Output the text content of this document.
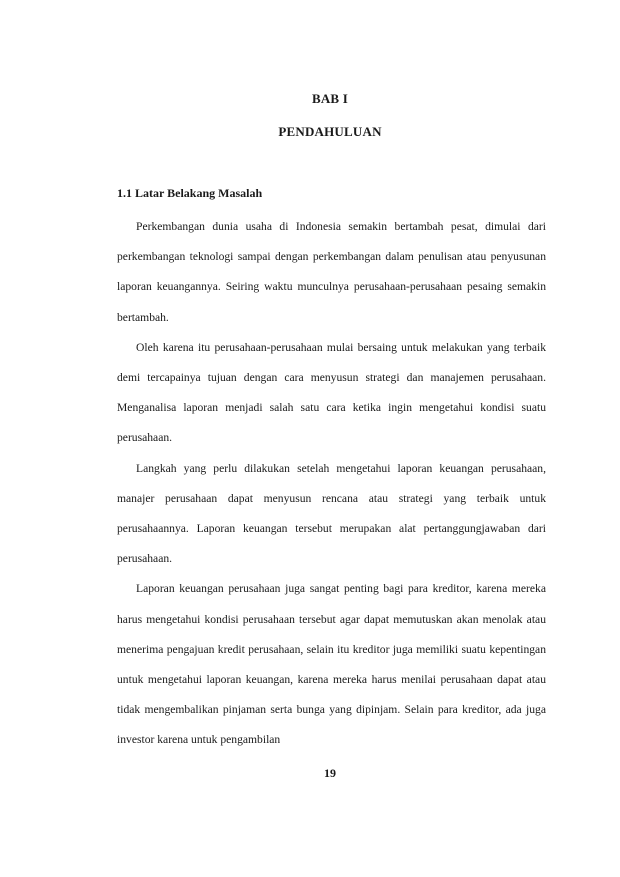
BAB I
PENDAHULUAN
1.1 Latar Belakang Masalah

Perkembangan dunia usaha di Indonesia semakin bertambah pesat, dimulai dari perkembangan teknologi sampai dengan perkembangan dalam penulisan atau penyusunan laporan keuangannya. Seiring waktu munculnya perusahaan-perusahaan pesaing semakin bertambah.

Oleh karena itu perusahaan-perusahaan mulai bersaing untuk melakukan yang terbaik demi tercapainya tujuan dengan cara menyusun strategi dan manajemen perusahaan. Menganalisa laporan menjadi salah satu cara ketika ingin mengetahui kondisi suatu perusahaan.

Langkah yang perlu dilakukan setelah mengetahui laporan keuangan perusahaan, manajer perusahaan dapat menyusun rencana atau strategi yang terbaik untuk perusahaannya. Laporan keuangan tersebut merupakan alat pertanggungjawaban dari perusahaan.

Laporan keuangan perusahaan juga sangat penting bagi para kreditor, karena mereka harus mengetahui kondisi perusahaan tersebut agar dapat memutuskan akan menolak atau menerima pengajuan kredit perusahaan, selain itu kreditor juga memiliki suatu kepentingan untuk mengetahui laporan keuangan, karena mereka harus menilai perusahaan dapat atau tidak mengembalikan pinjaman serta bunga yang dipinjam. Selain para kreditor, ada juga investor karena untuk pengambilan

19
